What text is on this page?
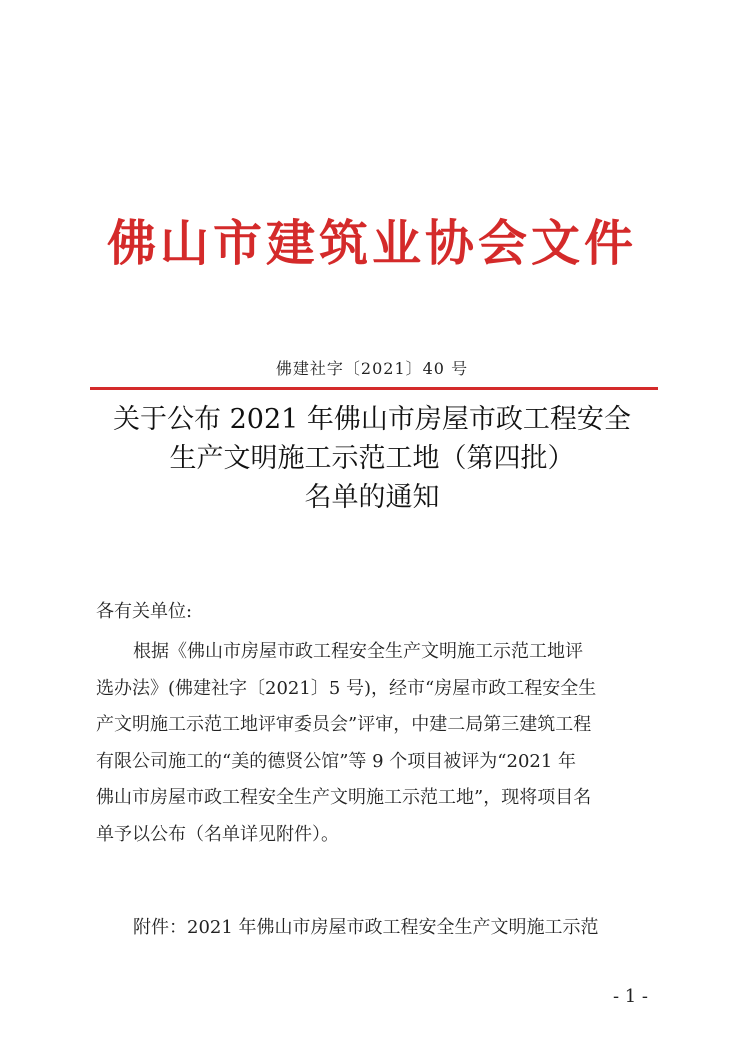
佛山市建筑业协会文件
佛建社字〔2021〕40 号
关于公布 2021 年佛山市房屋市政工程安全
生产文明施工示范工地（第四批）
名单的通知
各有关单位:
根据《佛山市房屋市政工程安全生产文明施工示范工地评
选办法》(佛建社字〔2021〕5 号)，经市“房屋市政工程安全生
产文明施工示范工地评审委员会”评审，中建二局第三建筑工程
有限公司施工的“美的德贤公馆”等 9 个项目被评为“2021 年
佛山市房屋市政工程安全生产文明施工示范工地”，现将项目名
单予以公布（名单详见附件）。
附件：2021 年佛山市房屋市政工程安全生产文明施工示范
- 1 -
